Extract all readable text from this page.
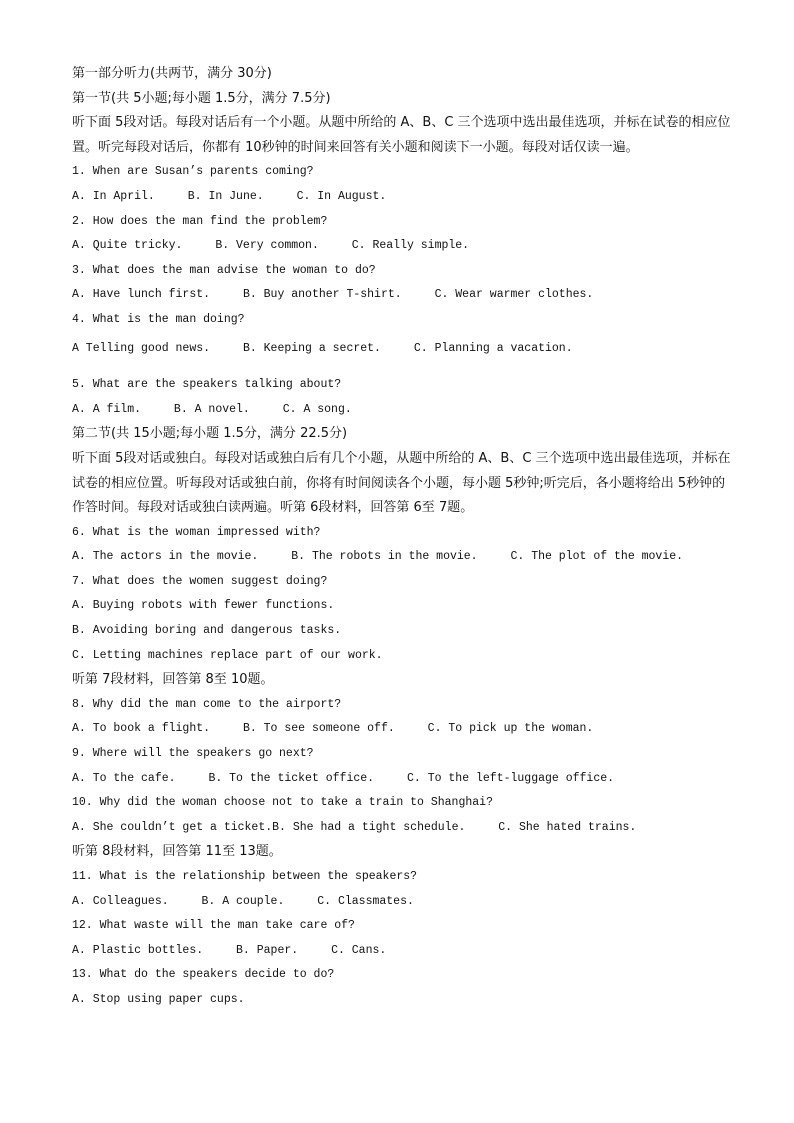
第一部分听力(共两节，满分 30分)

第一节(共 5小题;每小题 1.5分，满分 7.5分)

听下面 5段对话。每段对话后有一个小题。从题中所给的 A、B、C 三个选项中选出最佳选项，并标在试卷的相应位置。听完每段对话后，你都有 10秒钟的时间来回答有关小题和阅读下一小题。每段对话仅读一遍。

1. When are Susan’s parents coming?

A. In April.	B. In June.	C. In August.

2. How does the man find the problem?

A. Quite tricky.	B. Very common.	C. Really simple.

3. What does the man advise the woman to do?

A. Have lunch first.	B. Buy another T-shirt.	C. Wear warmer clothes.

4. What is the man doing?

A Telling good news.	B. Keeping a secret.	C. Planning a vacation.

5. What are the speakers talking about?

A. A film.	B. A novel.	C. A song.

第二节(共 15小题;每小题 1.5分，满分 22.5分)

听下面 5段对话或独白。每段对话或独白后有几个小题，从题中所给的 A、B、C 三个选项中选出最佳选项，并标在试卷的相应位置。听每段对话或独白前，你将有时间阅读各个小题，每小题 5秒钟;听完后，各小题将给出 5秒钟的作答时间。每段对话或独白读两遍。听第 6段材料，回答第 6至 7题。

6. What is the woman impressed with?

A. The actors in the movie.	B. The robots in the movie.	C. The plot of the movie.

7. What does the women suggest doing?

A. Buying robots with fewer functions.

B. Avoiding boring and dangerous tasks.

C. Letting machines replace part of our work.

听第 7段材料，回答第 8至 10题。

8. Why did the man come to the airport?

A. To book a flight.	B. To see someone off.	C. To pick up the woman.

9. Where will the speakers go next?

A. To the cafe.	B. To the ticket office.	C. To the left-luggage office.

10. Why did the woman choose not to take a train to Shanghai?

A. She couldn’t get a ticket.B. She had a tight schedule.	C. She hated trains.

听第 8段材料，回答第 11至 13题。

11. What is the relationship between the speakers?

A. Colleagues.	B. A couple.	C. Classmates.

12. What waste will the man take care of?

A. Plastic bottles.	B. Paper.	C. Cans.

13. What do the speakers decide to do?

A. Stop using paper cups.
